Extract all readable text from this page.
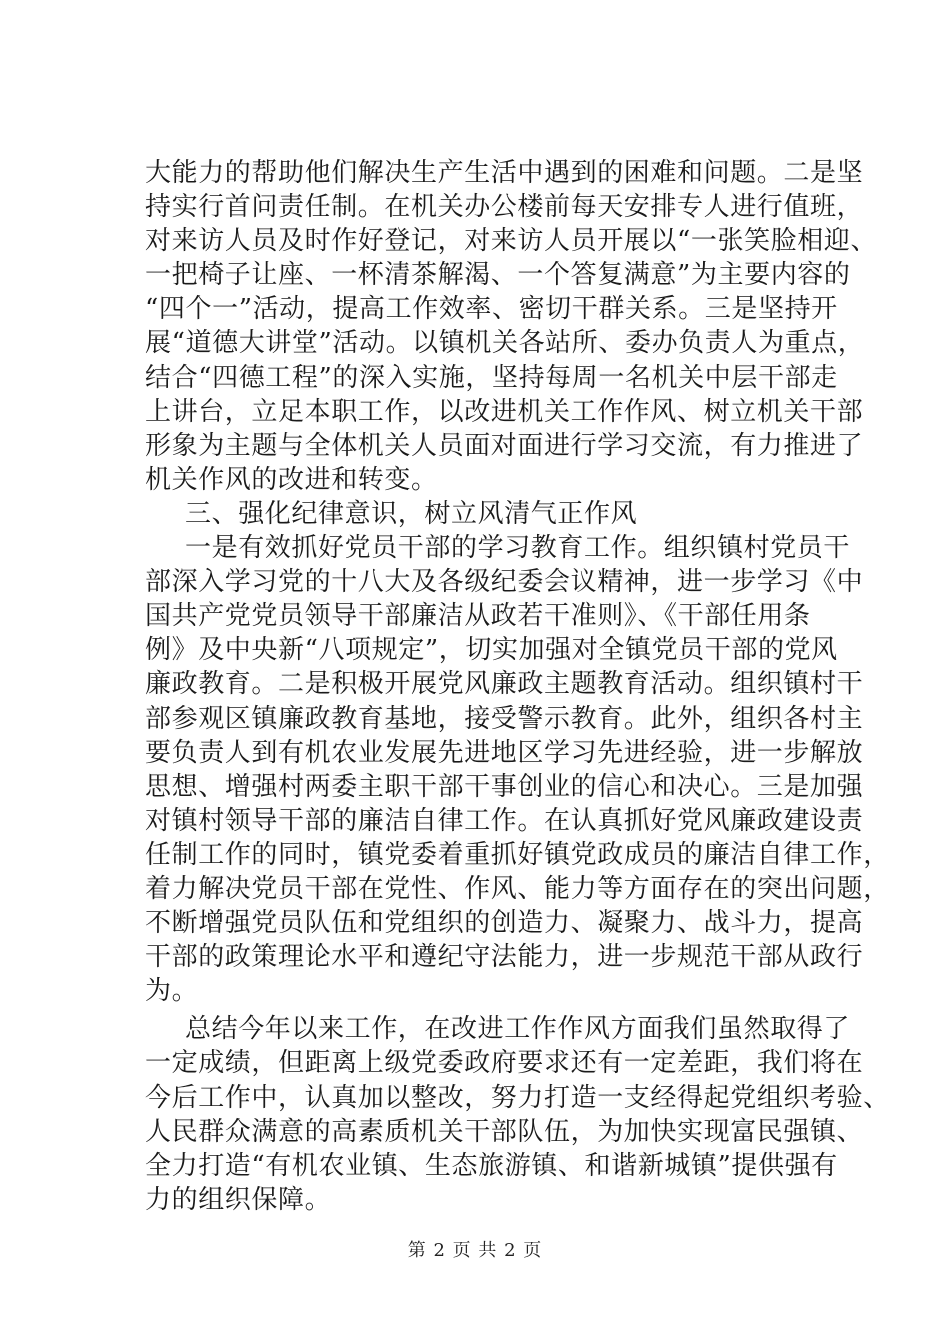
大能力的帮助他们解决生产生活中遇到的困难和问题。二是坚
持实行首问责任制。在机关办公楼前每天安排专人进行值班，
对来访人员及时作好登记，对来访人员开展以“一张笑脸相迎、
一把椅子让座、一杯清茶解渴、一个答复满意”为主要内容的
“四个一”活动，提高工作效率、密切干群关系。三是坚持开
展“道德大讲堂”活动。以镇机关各站所、委办负责人为重点，
结合“四德工程”的深入实施，坚持每周一名机关中层干部走
上讲台，立足本职工作，以改进机关工作作风、树立机关干部
形象为主题与全体机关人员面对面进行学习交流，有力推进了
机关作风的改进和转变。
三、强化纪律意识，树立风清气正作风
一是有效抓好党员干部的学习教育工作。组织镇村党员干
部深入学习党的十八大及各级纪委会议精神，进一步学习《中
国共产党党员领导干部廉洁从政若干准则》、《干部任用条
例》及中央新“八项规定”，切实加强对全镇党员干部的党风
廉政教育。二是积极开展党风廉政主题教育活动。组织镇村干
部参观区镇廉政教育基地，接受警示教育。此外，组织各村主
要负责人到有机农业发展先进地区学习先进经验，进一步解放
思想、增强村两委主职干部干事创业的信心和决心。三是加强
对镇村领导干部的廉洁自律工作。在认真抓好党风廉政建设责
任制工作的同时，镇党委着重抓好镇党政成员的廉洁自律工作，
着力解决党员干部在党性、作风、能力等方面存在的突出问题，
不断增强党员队伍和党组织的创造力、凝聚力、战斗力，提高
干部的政策理论水平和遵纪守法能力，进一步规范干部从政行
为。
总结今年以来工作，在改进工作作风方面我们虽然取得了
一定成绩，但距离上级党委政府要求还有一定差距，我们将在
今后工作中，认真加以整改，努力打造一支经得起党组织考验、
人民群众满意的高素质机关干部队伍，为加快实现富民强镇、
全力打造“有机农业镇、生态旅游镇、和谐新城镇”提供强有
力的组织保障。
第 2 页 共 2 页
